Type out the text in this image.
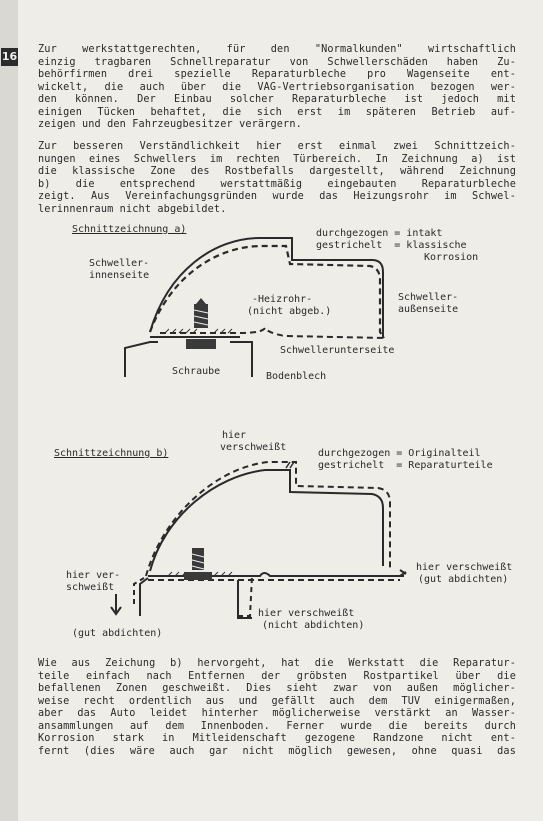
16
Zur werkstattgerechten, für den "Normalkunden" wirtschaftlich
einzig tragbaren Schnellreparatur von Schwellerschäden haben Zu-
behörfirmen drei spezielle Reparaturbleche pro Wagenseite ent-
wickelt, die auch über die VAG-Vertriebsorganisation bezogen wer-
den können. Der Einbau solcher Reparaturbleche ist jedoch mit
einigen Tücken behaftet, die sich erst im späteren Betrieb auf-
zeigen und den Fahrzeugbesitzer verärgern.
Zur besseren Verständlichkeit hier erst einmal zwei Schnittzeich-
nungen eines Schwellers im rechten Türbereich. In Zeichnung a) ist
die klassische Zone des Rostbefalls dargestellt, während Zeichnung
b) die entsprechend werstattmäßig eingebauten Reparaturbleche
zeigt. Aus Vereinfachungsgründen wurde das Heizungsrohr im Schwel-
lerinnenraum nicht abgebildet.
Schnittzeichnung a)	durchgezogen = intakt
gestrichelt  = klassische
Korrosion
Schweller-
innenseite
-Heizrohr-
(nicht abgeb.)
Schweller-
außenseite
Schwellerunterseite
Schraube	Bodenblech
Schnittzeichnung b)
hier
verschweißt
durchgezogen = Originalteil
gestrichelt  = Reparaturteile
hier verschweißt
(gut abdichten)
hier ver-
schweißt
(gut abdichten)
hier verschweißt
(nicht abdichten)
Wie aus Zeichung b) hervorgeht, hat die Werkstatt die Reparatur-
teile einfach nach Entfernen der gröbsten Rostpartikel über die
befallenen Zonen geschweißt. Dies sieht zwar von außen möglicher-
weise recht ordentlich aus und gefällt auch dem TÜV einigermaßen,
aber das Auto leidet hinterher möglicherweise verstärkt an Wasser-
ansammlungen auf dem Innenboden. Ferner wurde die bereits durch
Korrosion stark in Mitleidenschaft gezogene Randzone nicht ent-
fernt (dies wäre auch gar nicht möglich gewesen, ohne quasi das
